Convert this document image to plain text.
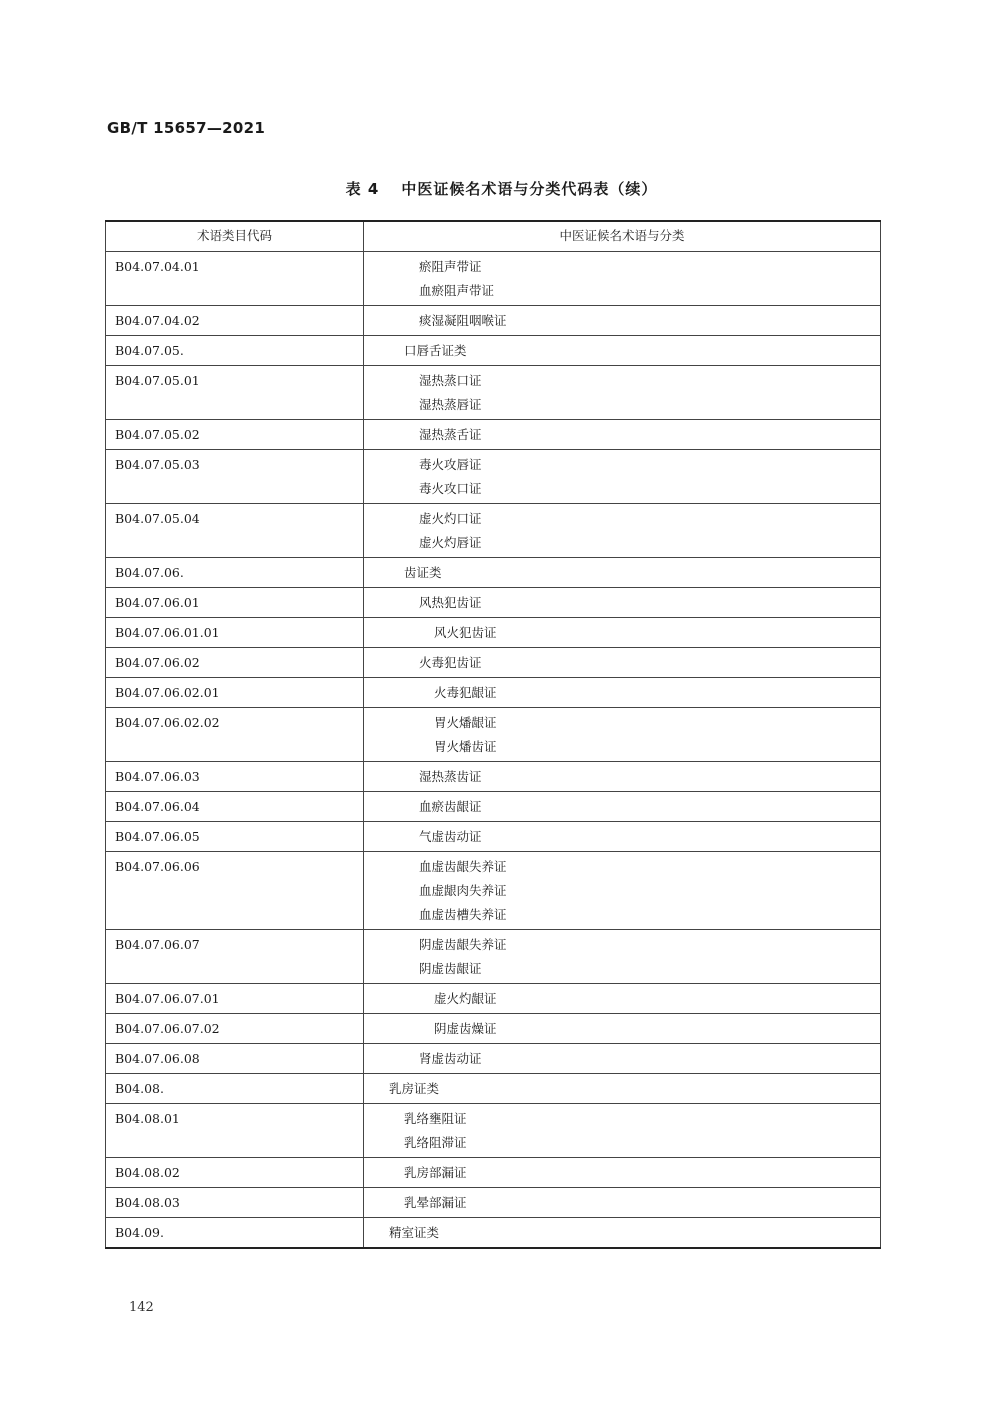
GB/T 15657—2021
表 4 中医证候名术语与分类代码表（续）
术语类目代码	中医证候名术语与分类
B04.07.04.01	瘀阻声带证
血瘀阻声带证

B04.07.04.02	痰湿凝阻咽喉证

B04.07.05.	口唇舌证类

B04.07.05.01	湿热蒸口证
湿热蒸唇证

B04.07.05.02	湿热蒸舌证

B04.07.05.03	毒火攻唇证
毒火攻口证

B04.07.05.04	虚火灼口证
虚火灼唇证

B04.07.06.	齿证类

B04.07.06.01	风热犯齿证

B04.07.06.01.01	风火犯齿证

B04.07.06.02	火毒犯齿证

B04.07.06.02.01	火毒犯龈证

B04.07.06.02.02	胃火燔龈证
胃火燔齿证

B04.07.06.03	湿热蒸齿证

B04.07.06.04	血瘀齿龈证

B04.07.06.05	气虚齿动证

B04.07.06.06	血虚齿龈失养证
血虚龈肉失养证
血虚齿槽失养证

B04.07.06.07	阴虚齿龈失养证
阴虚齿龈证

B04.07.06.07.01	虚火灼龈证

B04.07.06.07.02	阴虚齿燥证

B04.07.06.08	肾虚齿动证

B04.08.	乳房证类

B04.08.01	乳络壅阻证
乳络阻滞证

B04.08.02	乳房部漏证

B04.08.03	乳晕部漏证

B04.09.	精室证类
142
